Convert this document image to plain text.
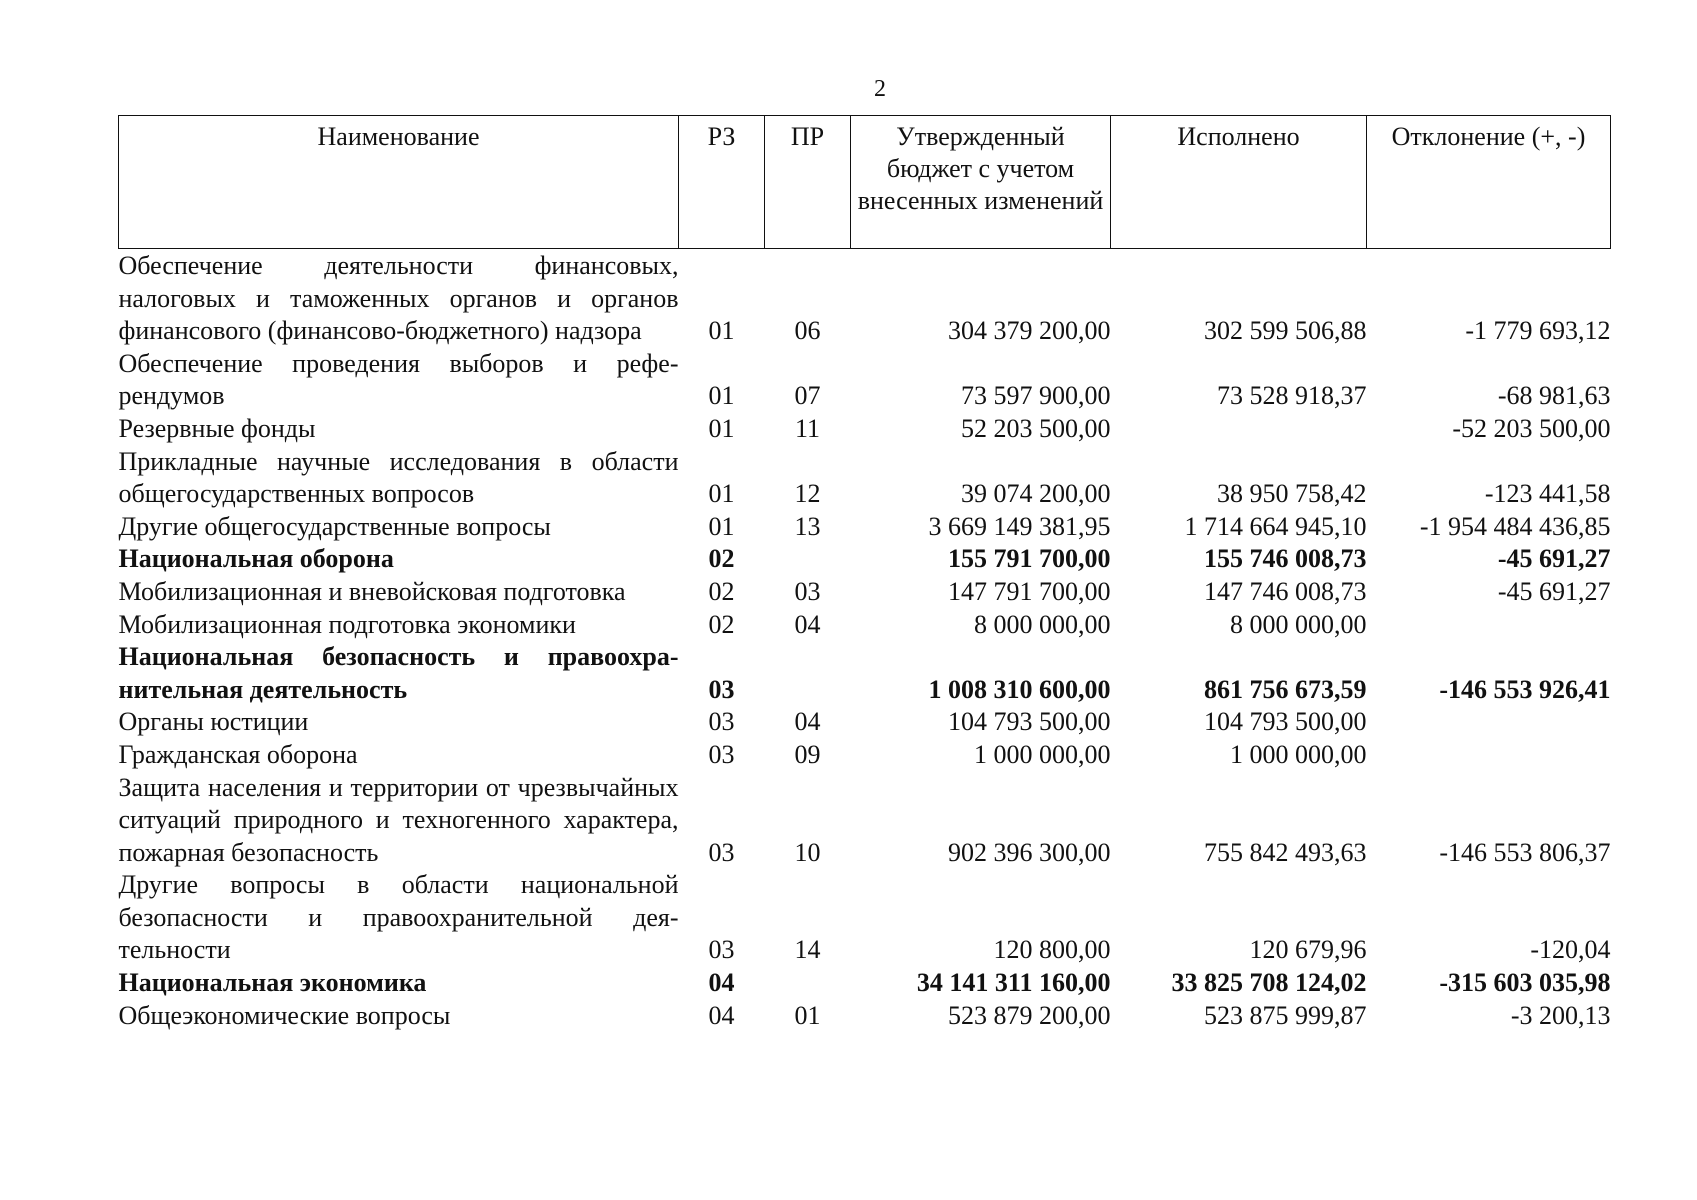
2
Наименование	РЗ	ПР	Утвержденный бюджет с учетом внесенных изменений	Исполнено	Отклонение (+, -)
Обеспечение деятельности финансовых, налоговых и таможенных органов и органов финансового (финансово-бюджетного) надзора	01	06	304 379 200,00	302 599 506,88	-1 779 693,12
Обеспечение проведения выборов и референдумов	01	07	73 597 900,00	73 528 918,37	-68 981,63
Резервные фонды	01	11	52 203 500,00		-52 203 500,00
Прикладные научные исследования в области общегосударственных вопросов	01	12	39 074 200,00	38 950 758,42	-123 441,58
Другие общегосударственные вопросы	01	13	3 669 149 381,95	1 714 664 945,10	-1 954 484 436,85
Национальная оборона	02		155 791 700,00	155 746 008,73	-45 691,27
Мобилизационная и вневойсковая подготовка	02	03	147 791 700,00	147 746 008,73	-45 691,27
Мобилизационная подготовка экономики	02	04	8 000 000,00	8 000 000,00	
Национальная безопасность и правоохранительная деятельность	03		1 008 310 600,00	861 756 673,59	-146 553 926,41
Органы юстиции	03	04	104 793 500,00	104 793 500,00	
Гражданская оборона	03	09	1 000 000,00	1 000 000,00	
Защита населения и территории от чрезвычайных ситуаций природного и техногенного характера, пожарная безопасность	03	10	902 396 300,00	755 842 493,63	-146 553 806,37
Другие вопросы в области национальной безопасности и правоохранительной деятельности	03	14	120 800,00	120 679,96	-120,04
Национальная экономика	04		34 141 311 160,00	33 825 708 124,02	-315 603 035,98
Общеэкономические вопросы	04	01	523 879 200,00	523 875 999,87	-3 200,13
